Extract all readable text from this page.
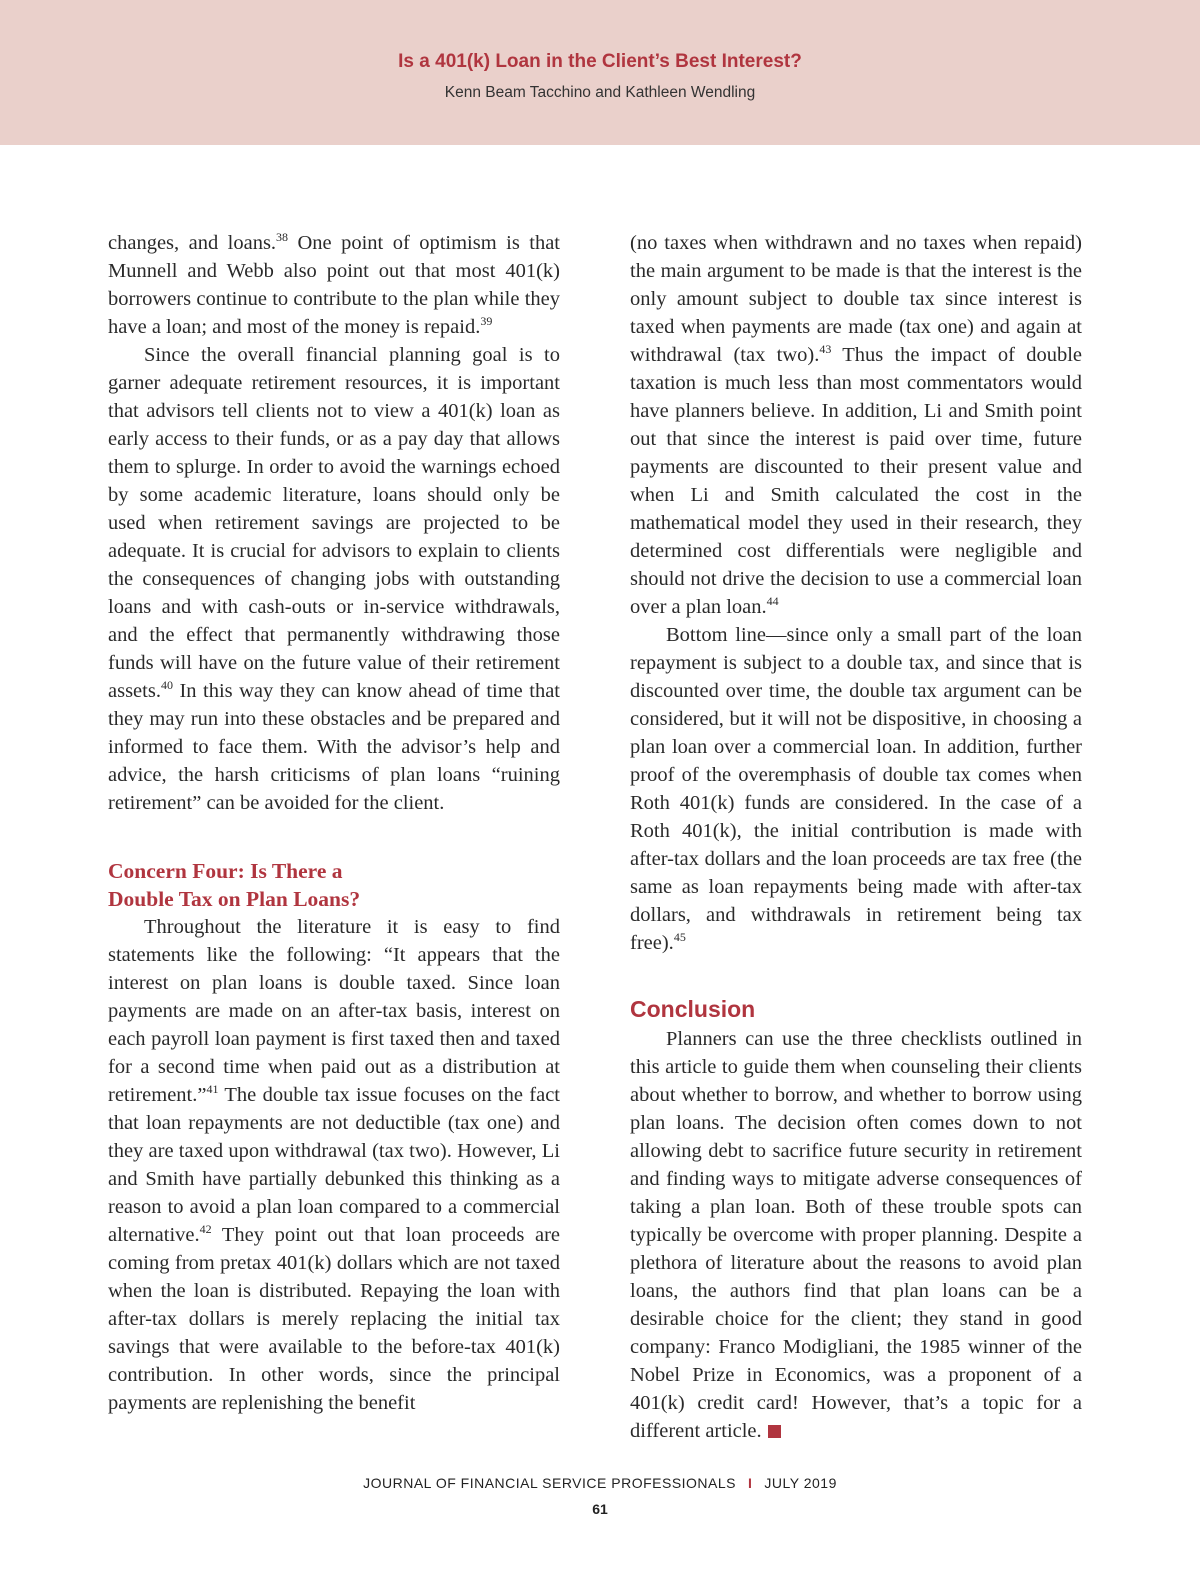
Is a 401(k) Loan in the Client’s Best Interest?
Kenn Beam Tacchino and Kathleen Wendling

changes, and loans.$^{38}$ One point of optimism is that Munnell and Webb also point out that most 401(k) borrowers continue to contribute to the plan while they have a loan; and most of the money is repaid.$^{39}$

Since the overall financial planning goal is to garner adequate retirement resources, it is important that advisors tell clients not to view a 401(k) loan as early access to their funds, or as a pay day that allows them to splurge. In order to avoid the warnings echoed by some academic literature, loans should only be used when retirement savings are projected to be adequate. It is crucial for advisors to explain to clients the consequences of changing jobs with outstanding loans and with cash-outs or in-service withdrawals, and the effect that permanently withdrawing those funds will have on the future value of their retirement assets.$^{40}$ In this way they can know ahead of time that they may run into these obstacles and be prepared and informed to face them. With the advisor’s help and advice, the harsh criticisms of plan loans “ruining retirement” can be avoided for the client.

Concern Four: Is There a
Double Tax on Plan Loans?

Throughout the literature it is easy to find statements like the following: “It appears that the interest on plan loans is double taxed. Since loan payments are made on an after-tax basis, interest on each payroll loan payment is first taxed then and taxed for a second time when paid out as a distribution at retirement.”$^{41}$ The double tax issue focuses on the fact that loan repayments are not deductible (tax one) and they are taxed upon withdrawal (tax two). However, Li and Smith have partially debunked this thinking as a reason to avoid a plan loan compared to a commercial alternative.$^{42}$ They point out that loan proceeds are coming from pretax 401(k) dollars which are not taxed when the loan is distributed. Repaying the loan with after-tax dollars is merely replacing the initial tax savings that were available to the before-tax 401(k) contribution. In other words, since the principal payments are replenishing the benefit

(no taxes when withdrawn and no taxes when repaid) the main argument to be made is that the interest is the only amount subject to double tax since interest is taxed when payments are made (tax one) and again at withdrawal (tax two).$^{43}$ Thus the impact of double taxation is much less than most commentators would have planners believe. In addition, Li and Smith point out that since the interest is paid over time, future payments are discounted to their present value and when Li and Smith calculated the cost in the mathematical model they used in their research, they determined cost differentials were negligible and should not drive the decision to use a commercial loan over a plan loan.$^{44}$

Bottom line—since only a small part of the loan repayment is subject to a double tax, and since that is discounted over time, the double tax argument can be considered, but it will not be dispositive, in choosing a plan loan over a commercial loan. In addition, further proof of the overemphasis of double tax comes when Roth 401(k) funds are considered. In the case of a Roth 401(k), the initial contribution is made with after-tax dollars and the loan proceeds are tax free (the same as loan repayments being made with after-tax dollars, and withdrawals in retirement being tax free).$^{45}$

Conclusion

Planners can use the three checklists outlined in this article to guide them when counseling their clients about whether to borrow, and whether to borrow using plan loans. The decision often comes down to not allowing debt to sacrifice future security in retirement and finding ways to mitigate adverse consequences of taking a plan loan. Both of these trouble spots can typically be overcome with proper planning. Despite a plethora of literature about the reasons to avoid plan loans, the authors find that plan loans can be a desirable choice for the client; they stand in good company: Franco Modigliani, the 1985 winner of the Nobel Prize in Economics, was a proponent of a 401(k) credit card! However, that’s a topic for a different article.

JOURNAL OF FINANCIAL SERVICE PROFESSIONALS I JULY 2019
61
